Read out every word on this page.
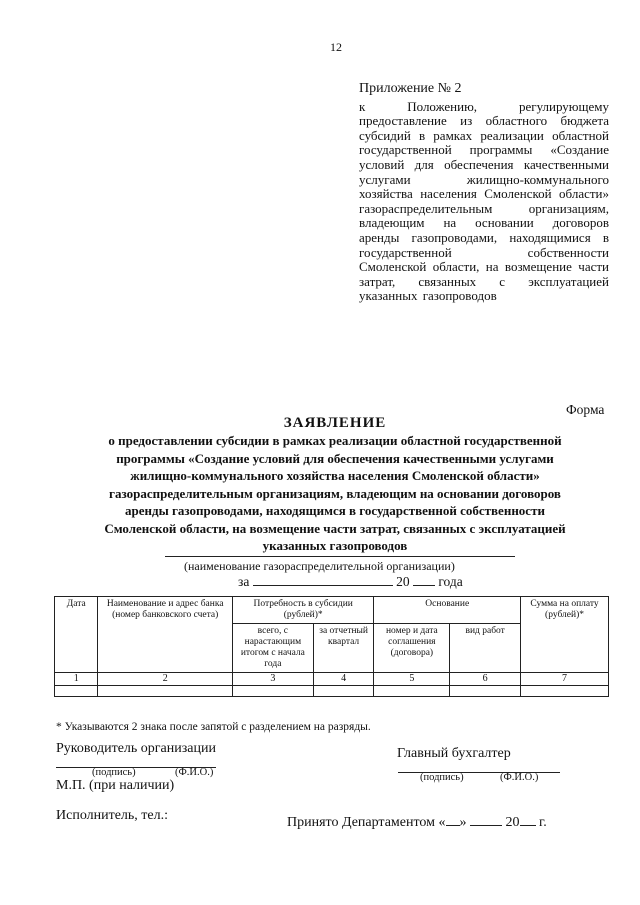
12
Приложение № 2
к Положению, регулирующему предоставление из областного бюджета субсидий в рамках реализации областной государственной программы «Создание условий для обеспечения качественными услугами жилищно-коммунального хозяйства населения Смоленской области» газораспределительным организациям, владеющим на основании договоров аренды газопроводами, находящимися в государственной собственности Смоленской области, на возмещение части затрат, связанных с эксплуатацией указанных газопроводов
Форма
ЗАЯВЛЕНИЕ
о предоставлении субсидии в рамках реализации областной государственной
программы «Создание условий для обеспечения качественными услугами
жилищно-коммунального хозяйства населения Смоленской области»
газораспределительным организациям, владеющим на основании договоров
аренды газопроводами, находящимся в государственной собственности
Смоленской области, на возмещение части затрат, связанных с эксплуатацией
указанных газопроводов
(наименование газораспределительной организации)
за	20 года
Дата	Наименование и адрес банка (номер банковского счета)	Потребность в субсидии (рублей)*		Основание		Сумма на оплату (рублей)*
		всего, с нарастающим итогом с начала года	за отчетный квартал	номер и дата соглашения (договора)	вид работ	
1	2	3	4	5	6	7

* Указываются 2 знака после запятой с разделением на разряды.
Руководитель организации
(подпись)	(Ф.И.О.)
Главный бухгалтер
(подпись)	(Ф.И.О.)
М.П. (при наличии)
Исполнитель, тел.:	Принято Департаментом « »	20 г.
